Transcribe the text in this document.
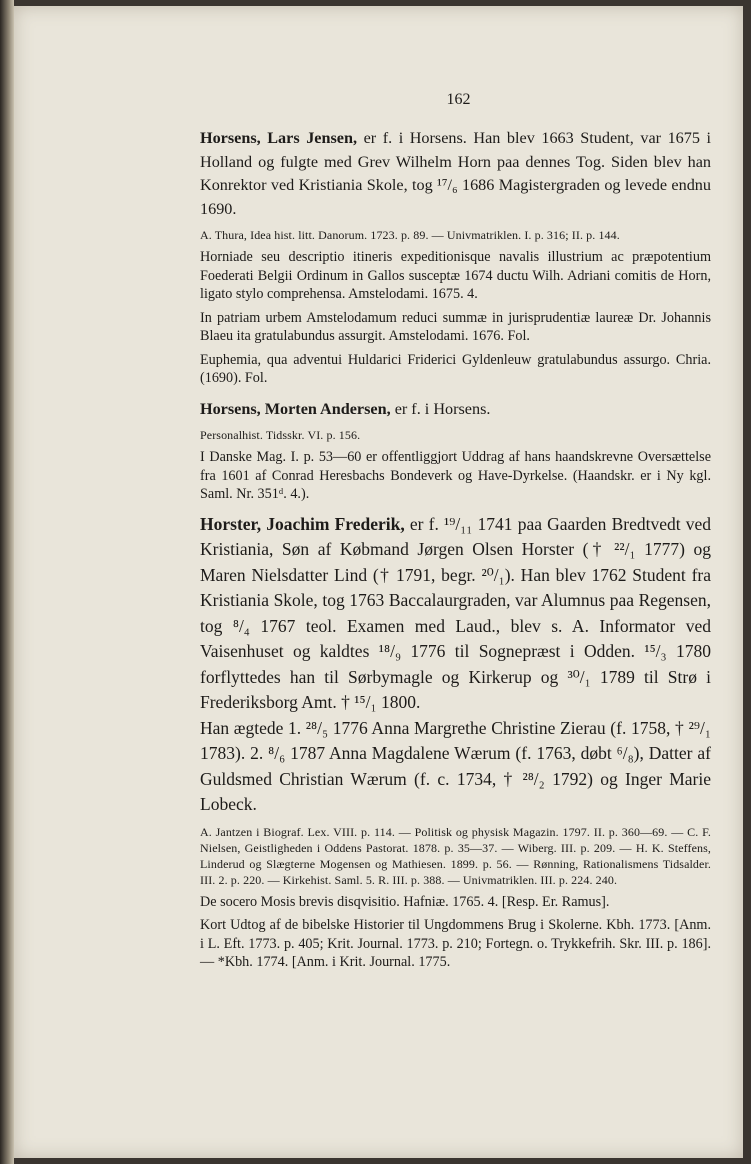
162

Horsens, Lars Jensen, er f. i Horsens. Han blev 1663 Student, var 1675 i Holland og fulgte med Grev Wilhelm Horn paa dennes Tog. Siden blev han Konrektor ved Kristiania Skole, tog ¹⁷/₆ 1686 Magistergraden og levede endnu 1690.

A. Thura, Idea hist. litt. Danorum. 1723. p. 89. — Univmatriklen. I. p. 316; II. p. 144.

Horniade seu descriptio itineris expeditionisque navalis illustrium ac præpotentium Foederati Belgii Ordinum in Gallos susceptæ 1674 ductu Wilh. Adriani comitis de Horn, ligato stylo comprehensa. Amstelodami. 1675. 4.

In patriam urbem Amstelodamum reduci summæ in jurisprudentiæ laureæ Dr. Johannis Blaeu ita gratulabundus assurgit. Amstelodami. 1676. Fol.

Euphemia, qua adventui Huldarici Friderici Gyldenleuw gratulabundus assurgo. Chria. (1690). Fol.

Horsens, Morten Andersen, er f. i Horsens.

Personalhist. Tidsskr. VI. p. 156.

I Danske Mag. I. p. 53—60 er offentliggjort Uddrag af hans haandskrevne Oversættelse fra 1601 af Conrad Heresbachs Bondeverk og Have-Dyrkelse. (Haandskr. er i Ny kgl. Saml. Nr. 351ᵈ. 4.).

Horster, Joachim Frederik, er f. ¹⁹/₁₁ 1741 paa Gaarden Bredtvedt ved Kristiania, Søn af Købmand Jørgen Olsen Horster († ²²/₁ 1777) og Maren Nielsdatter Lind († 1791, begr. ²⁰/₁). Han blev 1762 Student fra Kristiania Skole, tog 1763 Baccalaurgraden, var Alumnus paa Regensen, tog ⁸/₄ 1767 teol. Examen med Laud., blev s. A. Informator ved Vaisenhuset og kaldtes ¹⁸/₉ 1776 til Sognepræst i Odden. ¹⁵/₃ 1780 forflyttedes han til Sørbymagle og Kirkerup og ³⁰/₁ 1789 til Strø i Frederiksborg Amt. † ¹⁵/₁ 1800.

Han ægtede 1. ²⁸/₅ 1776 Anna Margrethe Christine Zierau (f. 1758, † ²⁹/₁ 1783). 2. ⁸/₆ 1787 Anna Magdalene Wærum (f. 1763, døbt ⁶/₈), Datter af Guldsmed Christian Wærum (f. c. 1734, † ²⁸/₂ 1792) og Inger Marie Lobeck.

A. Jantzen i Biograf. Lex. VIII. p. 114. — Politisk og physisk Magazin. 1797. II. p. 360—69. — C. F. Nielsen, Geistligheden i Oddens Pastorat. 1878. p. 35—37. — Wiberg. III. p. 209. — H. K. Steffens, Linderud og Slægterne Mogensen og Mathiesen. 1899. p. 56. — Rønning, Rationalismens Tidsalder. III. 2. p. 220. — Kirkehist. Saml. 5. R. III. p. 388. — Univmatriklen. III. p. 224. 240.

De socero Mosis brevis disqvisitio. Hafniæ. 1765. 4. [Resp. Er. Ramus].

Kort Udtog af de bibelske Historier til Ungdommens Brug i Skolerne. Kbh. 1773. [Anm. i L. Eft. 1773. p. 405; Krit. Journal. 1773. p. 210; Fortegn. o. Trykkefrih. Skr. III. p. 186]. — *Kbh. 1774. [Anm. i Krit. Journal. 1775.
